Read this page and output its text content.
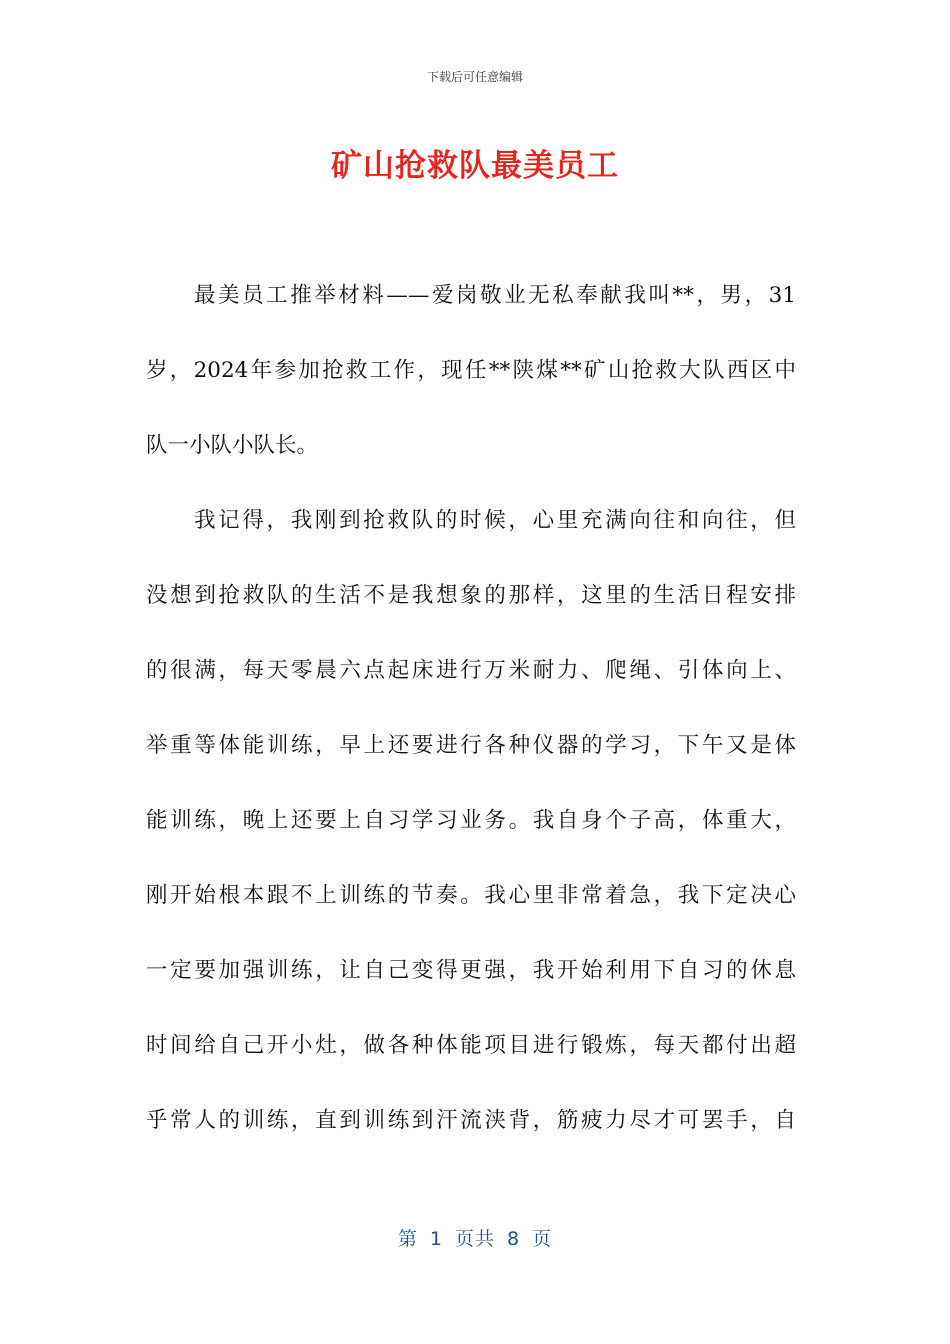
下载后可任意编辑
矿山抢救队最美员工
最美员工推举材料——爱岗敬业无私奉献我叫**，男，31
岁，2024年参加抢救工作，现任**陕煤**矿山抢救大队西区中
队一小队小队长。
我记得，我刚到抢救队的时候，心里充满向往和向往，但
没想到抢救队的生活不是我想象的那样，这里的生活日程安排
的很满，每天零晨六点起床进行万米耐力、爬绳、引体向上、
举重等体能训练，早上还要进行各种仪器的学习，下午又是体
能训练，晚上还要上自习学习业务。我自身个子高，体重大，
刚开始根本跟不上训练的节奏。我心里非常着急，我下定决心
一定要加强训练，让自己变得更强，我开始利用下自习的休息
时间给自己开小灶，做各种体能项目进行锻炼，每天都付出超
乎常人的训练，直到训练到汗流浃背，筋疲力尽才可罢手，自
第 1 页共 8 页
